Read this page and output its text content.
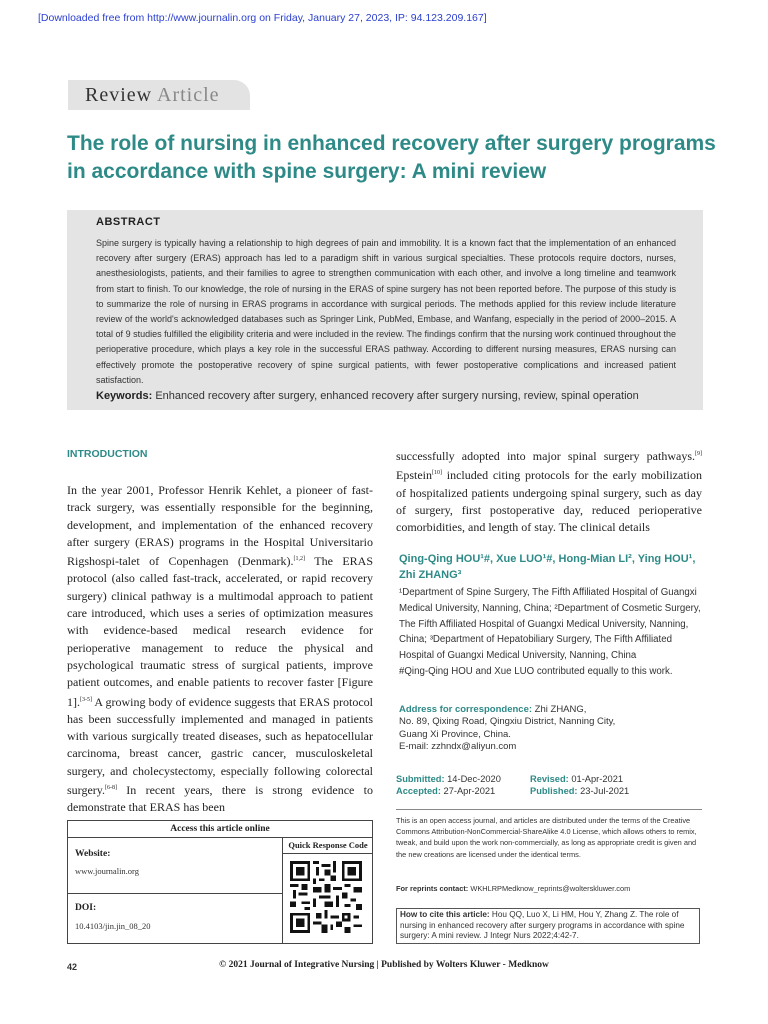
[Downloaded free from http://www.journalin.org on Friday, January 27, 2023, IP: 94.123.209.167]
Review Article
The role of nursing in enhanced recovery after surgery programs in accordance with spine surgery: A mini review
ABSTRACT
Spine surgery is typically having a relationship to high degrees of pain and immobility. It is a known fact that the implementation of an enhanced recovery after surgery (ERAS) approach has led to a paradigm shift in various surgical specialties. These protocols require doctors, nurses, anesthesiologists, patients, and their families to agree to strengthen communication with each other, and involve a long timeline and teamwork from start to finish. To our knowledge, the role of nursing in the ERAS of spine surgery has not been reported before. The purpose of this study is to summarize the role of nursing in ERAS programs in accordance with surgical periods. The methods applied for this review include literature review of the world's acknowledged databases such as Springer Link, PubMed, Embase, and Wanfang, especially in the period of 2000–2015. A total of 9 studies fulfilled the eligibility criteria and were included in the review. The findings confirm that the nursing work continued throughout the perioperative procedure, which plays a key role in the successful ERAS pathway. According to different nursing measures, ERAS nursing can effectively promote the postoperative recovery of spine surgical patients, with fewer postoperative complications and increased patient satisfaction.
Keywords: Enhanced recovery after surgery, enhanced recovery after surgery nursing, review, spinal operation
INTRODUCTION
In the year 2001, Professor Henrik Kehlet, a pioneer of fast-track surgery, was essentially responsible for the beginning, development, and implementation of the enhanced recovery after surgery (ERAS) programs in the Hospital Universitario Rigshospi-talet of Copenhagen (Denmark).[1,2] The ERAS protocol (also called fast-track, accelerated, or rapid recovery surgery) clinical pathway is a multimodal approach to patient care introduced, which uses a series of optimization measures with evidence-based medical research evidence for perioperative management to reduce the physical and psychological traumatic stress of surgical patients, improve patient outcomes, and enable patients to recover faster [Figure 1].[3-5] A growing body of evidence suggests that ERAS protocol has been successfully implemented and managed in patients with various surgically treated diseases, such as hepatocellular carcinoma, breast cancer, gastric cancer, musculoskeletal surgery, and cholecystectomy, especially following colorectal surgery.[6-8] In recent years, there is strong evidence to demonstrate that ERAS has been
successfully adopted into major spinal surgery pathways.[9] Epstein[10] included citing protocols for the early mobilization of hospitalized patients undergoing spinal surgery, such as day of surgery, first postoperative day, reduced perioperative comorbidities, and length of stay. The clinical details
Qing-Qing HOU¹#, Xue LUO¹#, Hong-Mian LI², Ying HOU¹, Zhi ZHANG³
¹Department of Spine Surgery, The Fifth Affiliated Hospital of Guangxi Medical University, Nanning, China; ²Department of Cosmetic Surgery, The Fifth Affiliated Hospital of Guangxi Medical University, Nanning, China; ³Department of Hepatobiliary Surgery, The Fifth Affiliated Hospital of Guangxi Medical University, Nanning, China
#Qing-Qing HOU and Xue LUO contributed equally to this work.
Address for correspondence: Zhi ZHANG,
No. 89, Qixing Road, Qingxiu District, Nanning City,
Guang Xi Province, China.
E-mail: zzhndx@aliyun.com
Submitted: 14-Dec-2020	Revised: 01-Apr-2021
Accepted: 27-Apr-2021	Published: 23-Jul-2021
This is an open access journal, and articles are distributed under the terms of the Creative Commons Attribution-NonCommercial-ShareAlike 4.0 License, which allows others to remix, tweak, and build upon the work non-commercially, as long as appropriate credit is given and the new creations are licensed under the identical terms.
For reprints contact: WKHLRPMedknow_reprints@wolterskluwer.com
How to cite this article: Hou QQ, Luo X, Li HM, Hou Y, Zhang Z. The role of nursing in enhanced recovery after surgery programs in accordance with spine surgery: A mini review. J Integr Nurs 2022;4:42-7.
Access this article online
Quick Response Code
Website:
www.journalin.org
DOI:
10.4103/jin.jin_08_20
42	© 2021 Journal of Integrative Nursing | Published by Wolters Kluwer - Medknow
